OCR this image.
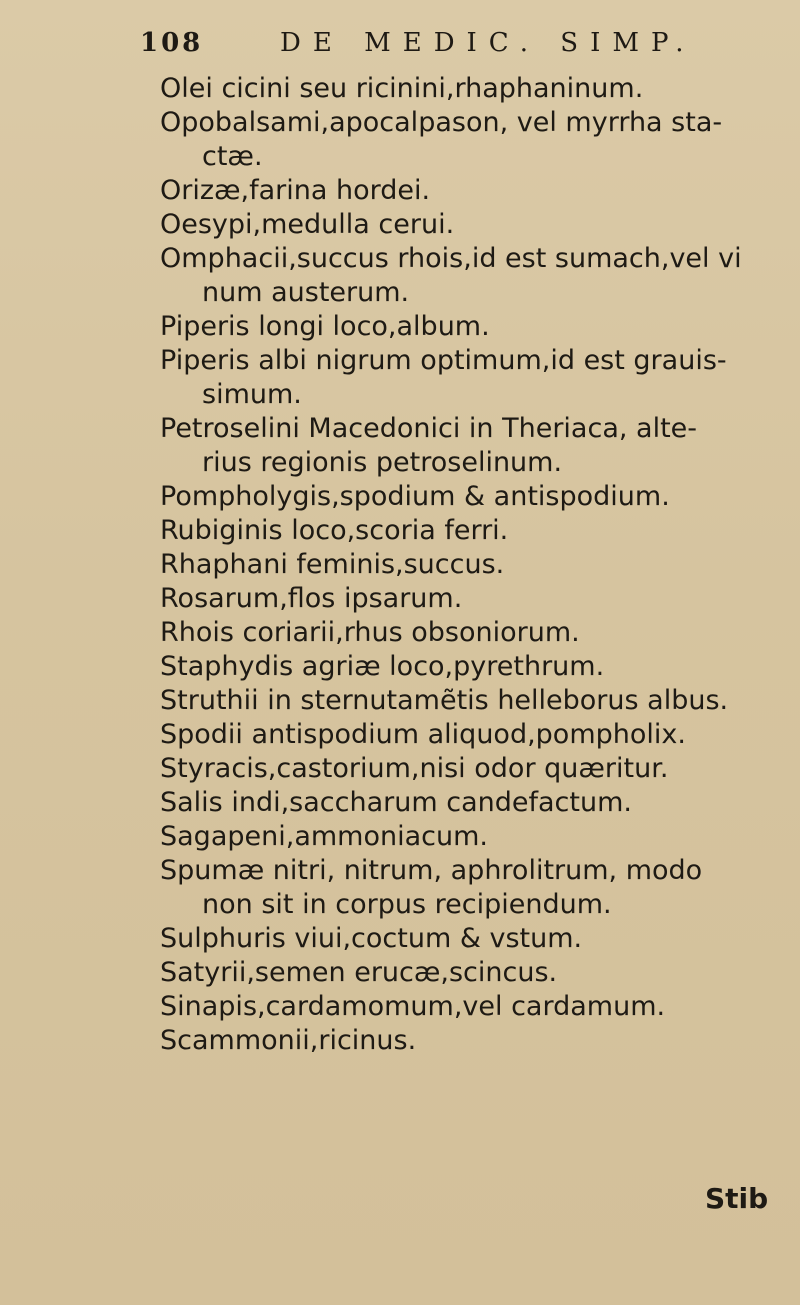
108	DE MEDIC. SIMP.
Olei cicini seu ricinini,rhaphaninum.
Opobalsami,apocalpason, vel myrrha sta-
ctæ.
Orizæ,farina hordei.
Oesypi,medulla cerui.
Omphacii,succus rhois,id est sumach,vel vi
num austerum.
Piperis longi loco,album.
Piperis albi nigrum optimum,id est grauis-
simum.
Petroselini Macedonici in Theriaca, alte-
rius regionis petroselinum.
Pompholygis,spodium & antispodium.
Rubiginis loco,scoria ferri.
Rhaphani feminis,succus.
Rosarum,flos ipsarum.
Rhois coriarii,rhus obsoniorum.
Staphydis agriæ loco,pyrethrum.
Struthii in sternutamẽtis helleborus albus.
Spodii antispodium aliquod,pompholix.
Styracis,castorium,nisi odor quæritur.
Salis indi,saccharum candefactum.
Sagapeni,ammoniacum.
Spumæ nitri, nitrum, aphrolitrum, modo
non sit in corpus recipiendum.
Sulphuris viui,coctum & vstum.
Satyrii,semen erucæ,scincus.
Sinapis,cardamomum,vel cardamum.
Scammonii,ricinus.
Stib
